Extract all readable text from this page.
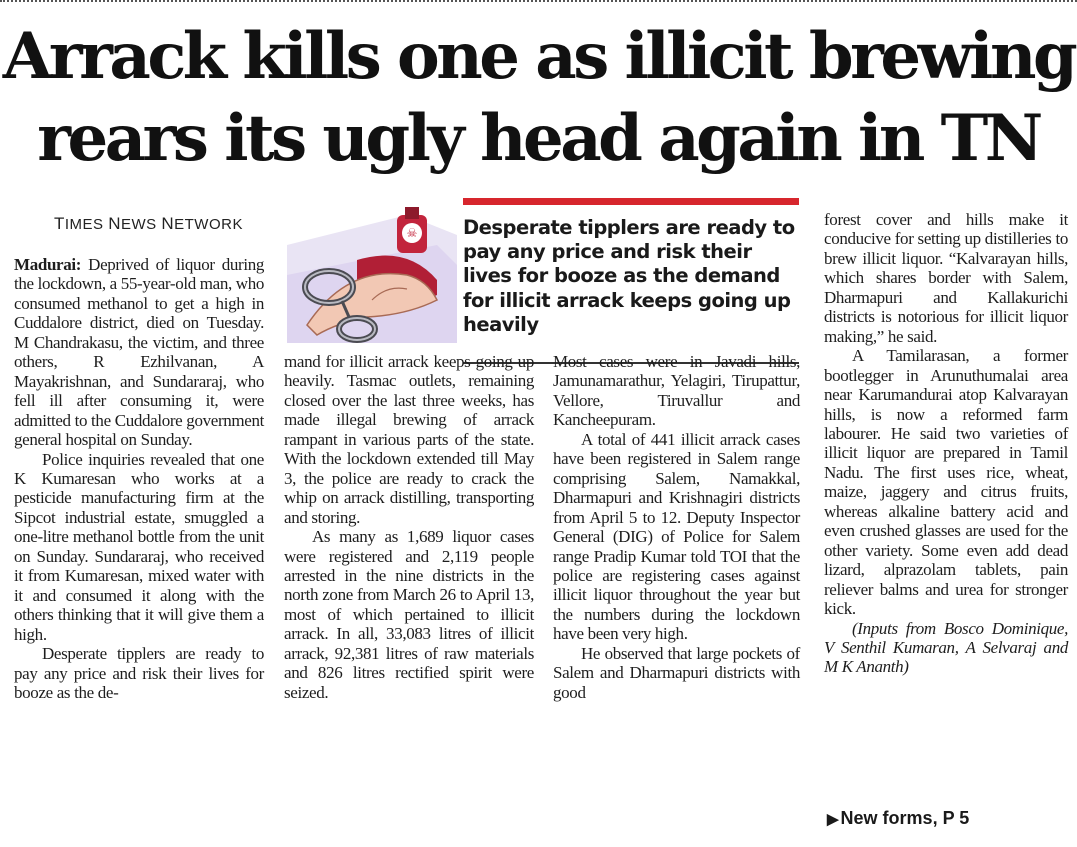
Arrack kills one as illicit brewing
rears its ugly head again in TN
TIMES NEWS NETWORK	☠ Desperate tipplers are ready to pay any price and risk their lives for booze as the demand for illicit arrack keeps going up heavily

Madurai: Deprived of liquor during the lockdown, a 55-year-old man, who consumed methanol to get a high in Cuddalore district, died on Tuesday. M Chandrakasu, the victim, and three others, R Ezhilvanan, A Mayakrishnan, and Sundararaj, who fell ill after consuming it, were admitted to the Cuddalore government general hospital on Sunday.

Police inquiries revealed that one K Kumaresan who works at a pesticide manufacturing firm at the Sipcot industrial estate, smuggled a one-litre methanol bottle from the unit on Sunday. Sundararaj, who received it from Kumaresan, mixed water with it and consumed it along with the others thinking that it will give them a high.

Desperate tipplers are ready to pay any price and risk their lives for booze as the de-

mand for illicit arrack keeps going up heavily. Tasmac outlets, remaining closed over the last three weeks, has made illegal brewing of arrack rampant in various parts of the state. With the lockdown extended till May 3, the police are ready to crack the whip on arrack distilling, transporting and storing.

As many as 1,689 liquor cases were registered and 2,119 people arrested in the nine districts in the north zone from March 26 to April 13, most of which pertained to illicit arrack. In all, 33,083 litres of illicit arrack, 92,381 litres of raw materials and 826 litres rectified spirit were seized.

Most cases were in Javadi hills, Jamunamarathur, Yelagiri, Tirupattur, Vellore, Tiruvallur and Kancheepuram.

A total of 441 illicit arrack cases have been registered in Salem range comprising Salem, Namakkal, Dharmapuri and Krishnagiri districts from April 5 to 12. Deputy Inspector General (DIG) of Police for Salem range Pradip Kumar told TOI that the police are registering cases against illicit liquor throughout the year but the numbers during the lockdown have been very high.

He observed that large pockets of Salem and Dharmapuri districts with good

forest cover and hills make it conducive for setting up distilleries to brew illicit liquor. “Kalvarayan hills, which shares border with Salem, Dharmapuri and Kallakurichi districts is notorious for illicit liquor making,” he said.

A Tamilarasan, a former bootlegger in Arunuthumalai area near Karumandurai atop Kalvarayan hills, is now a reformed farm labourer. He said two varieties of illicit liquor are prepared in Tamil Nadu. The first uses rice, wheat, maize, jaggery and citrus fruits, whereas alkaline battery acid and even crushed glasses are used for the other variety. Some even add dead lizard, alprazolam tablets, pain reliever balms and urea for stronger kick.

(Inputs from Bosco Dominique, V Senthil Kumaran, A Selvaraj and M K Ananth)

▶ New forms, P 5
